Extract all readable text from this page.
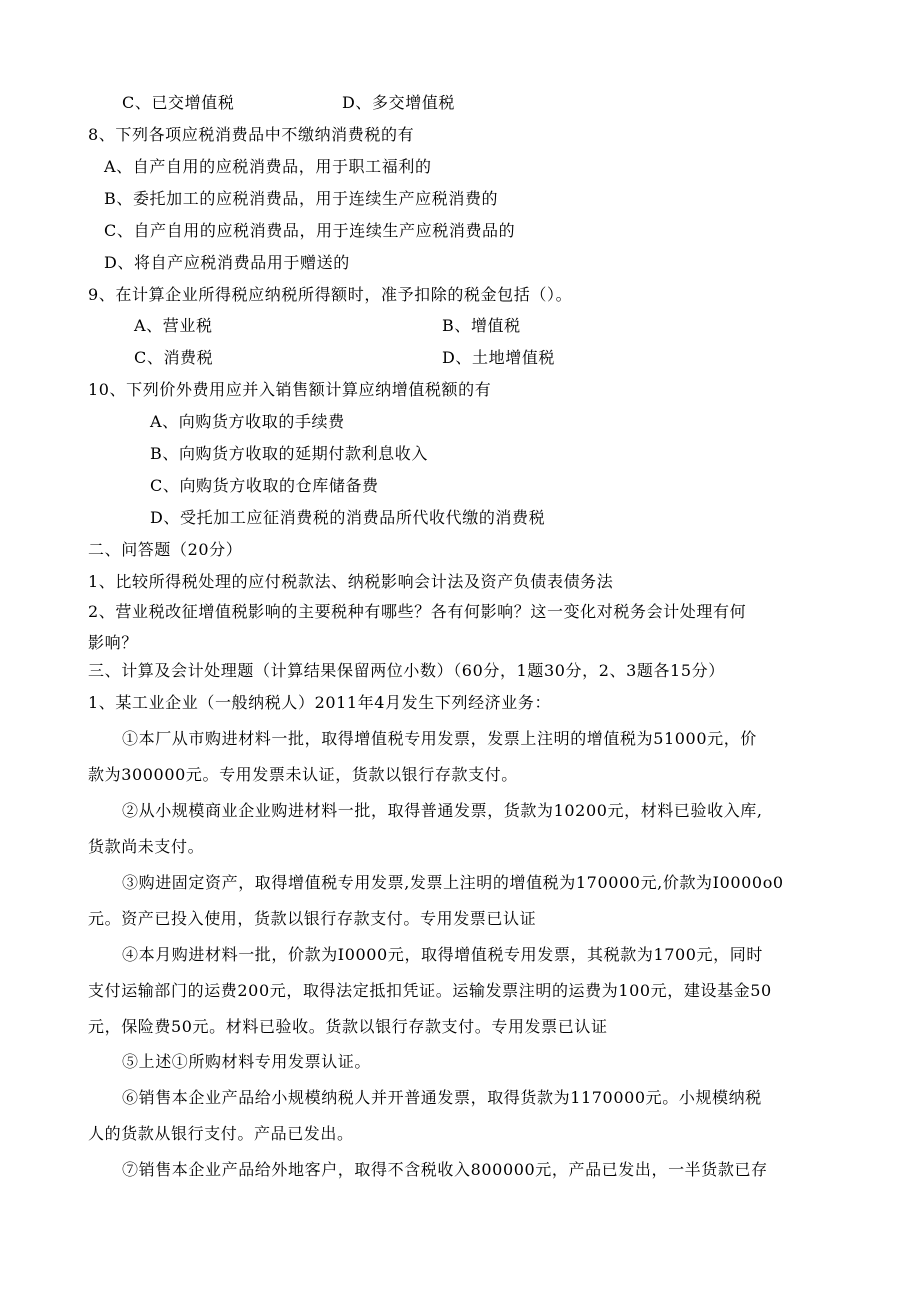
C、已交增值税	D、多交增值税
8、下列各项应税消费品中不缴纳消费税的有
A、自产自用的应税消费品，用于职工福利的
B、委托加工的应税消费品，用于连续生产应税消费的
C、自产自用的应税消费品，用于连续生产应税消费品的
D、将自产应税消费品用于赠送的
9、在计算企业所得税应纳税所得额时，准予扣除的税金包括（）。
A、营业税	B、增值税
C、消费税	D、土地增值税
10、下列价外费用应并入销售额计算应纳增值税额的有
A、向购货方收取的手续费
B、向购货方收取的延期付款利息收入
C、向购货方收取的仓库储备费
D、受托加工应征消费税的消费品所代收代缴的消费税
二、问答题（20分）
1、比较所得税处理的应付税款法、纳税影响会计法及资产负债表债务法
2、营业税改征增值税影响的主要税种有哪些？各有何影响？这一变化对税务会计处理有何
影响？
三、计算及会计处理题（计算结果保留两位小数）（60分，1题30分，2、3题各15分）
1、某工业企业（一般纳税人）2011年4月发生下列经济业务：
①本厂从市购进材料一批，取得增值税专用发票，发票上注明的增值税为51000元，价
款为300000元。专用发票未认证，货款以银行存款支付。
②从小规模商业企业购进材料一批，取得普通发票，货款为10200元，材料已验收入库,
货款尚未支付。
③购进固定资产，取得增值税专用发票,发票上注明的增值税为170000元,价款为I0000o0
元。资产已投入使用，货款以银行存款支付。专用发票已认证
④本月购进材料一批，价款为I0000元，取得增值税专用发票，其税款为1700元，同时
支付运输部门的运费200元，取得法定抵扣凭证。运输发票注明的运费为100元，建设基金50
元，保险费50元。材料已验收。货款以银行存款支付。专用发票已认证
⑤上述①所购材料专用发票认证。
⑥销售本企业产品给小规模纳税人并开普通发票，取得货款为1170000元。小规模纳税
人的货款从银行支付。产品已发出。
⑦销售本企业产品给外地客户，取得不含税收入800000元，产品已发出，一半货款已存
